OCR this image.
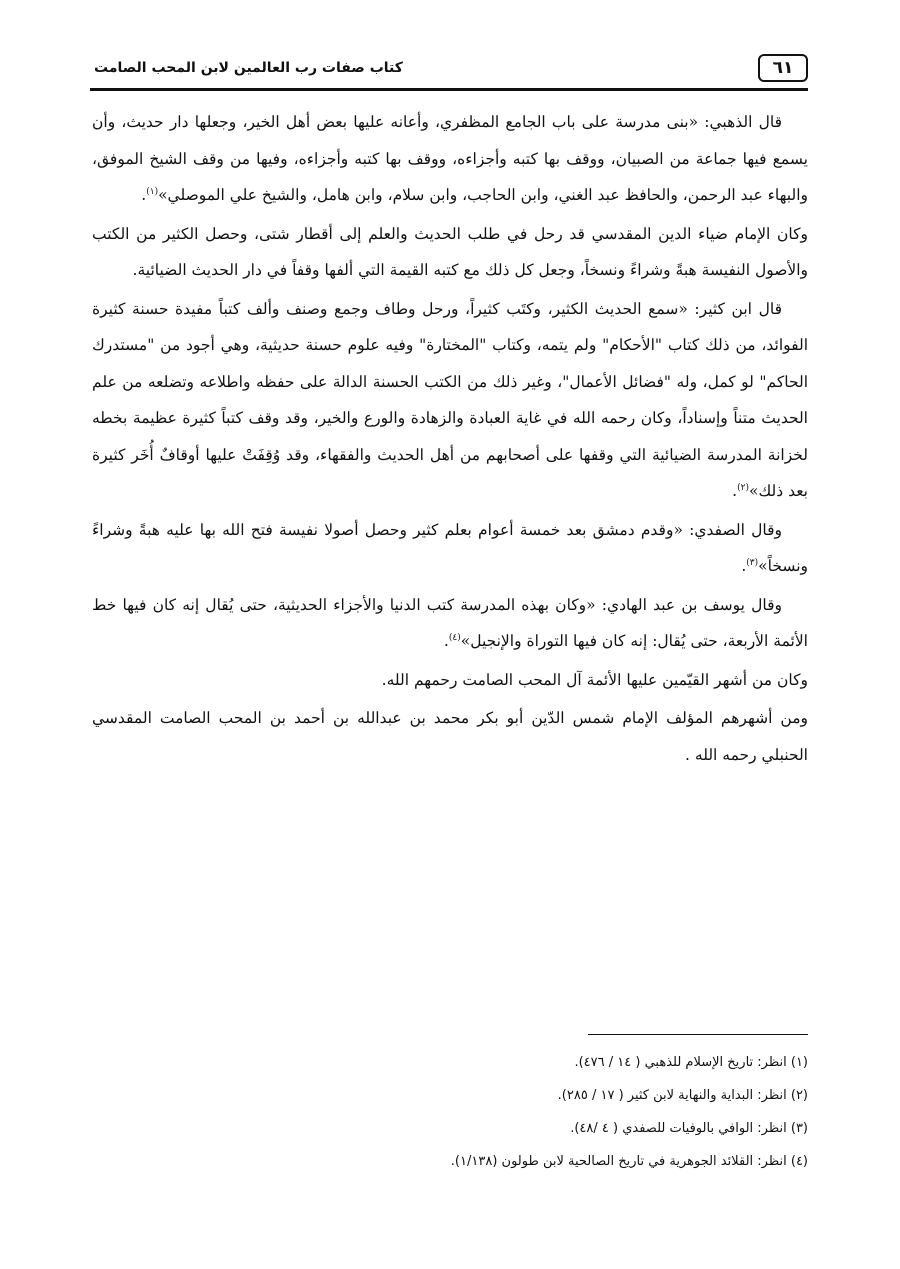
٦١
كتاب صفات رب العالمين لابن المحب الصامت

قال الذهبي: «بنى مدرسة على باب الجامع المظفري، وأعانه عليها بعض أهل الخير، وجعلها دار حديث، وأن يسمع فيها جماعة من الصبيان، ووقف بها كتبه وأجزاءه، ووقف بها كتبه وأجزاءه، وفيها من وقف الشيخ الموفق، والبهاء عبد الرحمن، والحافظ عبد الغني، وابن الحاجب، وابن سلام، وابن هامل، والشيخ علي الموصلي»$^{(١)}$.

وكان الإمام ضياء الدين المقدسي قد رحل في طلب الحديث والعلم إلى أقطار شتى، وحصل الكثير من الكتب والأصول النفيسة هبةً وشراءً ونسخاً، وجعل كل ذلك مع كتبه القيمة التي ألفها وقفاً في دار الحديث الضيائية.

قال ابن كثير: «سمع الحديث الكثير، وكتَب كثيراً، ورحل وطاف وجمع وصنف وألف كتباً مفيدة حسنة كثيرة الفوائد، من ذلك كتاب "الأحكام" ولم يتمه، وكتاب "المختارة" وفيه علوم حسنة حديثية، وهي أجود من "مستدرك الحاكم" لو كمل، وله "فضائل الأعمال"، وغير ذلك من الكتب الحسنة الدالة على حفظه واطلاعه وتضلعه من علم الحديث متناً وإسناداً، وكان رحمه الله في غاية العبادة والزهادة والورع والخير، وقد وقف كتباً كثيرة عظيمة بخطه لخزانة المدرسة الضيائية التي وقفها على أصحابهم من أهل الحديث والفقهاء، وقد وُقِفَتْ عليها أوقافٌ أُخَر كثيرة بعد ذلك»$^{(٢)}$.

وقال الصفدي: «وقدم دمشق بعد خمسة أعوام بعلم كثير وحصل أصولا نفيسة فتح الله بها عليه هبةً وشراءً ونسخاً»$^{(٣)}$.

وقال يوسف بن عبد الهادي: «وكان بهذه المدرسة كتب الدنيا والأجزاء الحديثية، حتى يُقال إنه كان فيها خط الأئمة الأربعة، حتى يُقال: إنه كان فيها التوراة والإنجيل»$^{(٤)}$.

وكان من أشهر القيّمين عليها الأئمة آل المحب الصامت رحمهم الله.

ومن أشهرهم المؤلف الإمام شمس الدّين أبو بكر محمد بن عبدالله بن أحمد بن المحب الصامت المقدسي الحنبلي رحمه الله .

(١) انظر: تاريخ الإسلام للذهبي ( ١٤ / ٤٧٦).

(٢) انظر: البداية والنهاية لابن كثير ( ١٧ / ٢٨٥).

(٣) انظر: الوافي بالوفيات للصفدي ( ٤ /٤٨).

(٤) انظر: القلائد الجوهرية في تاريخ الصالحية لابن طولون (١/١٣٨).
